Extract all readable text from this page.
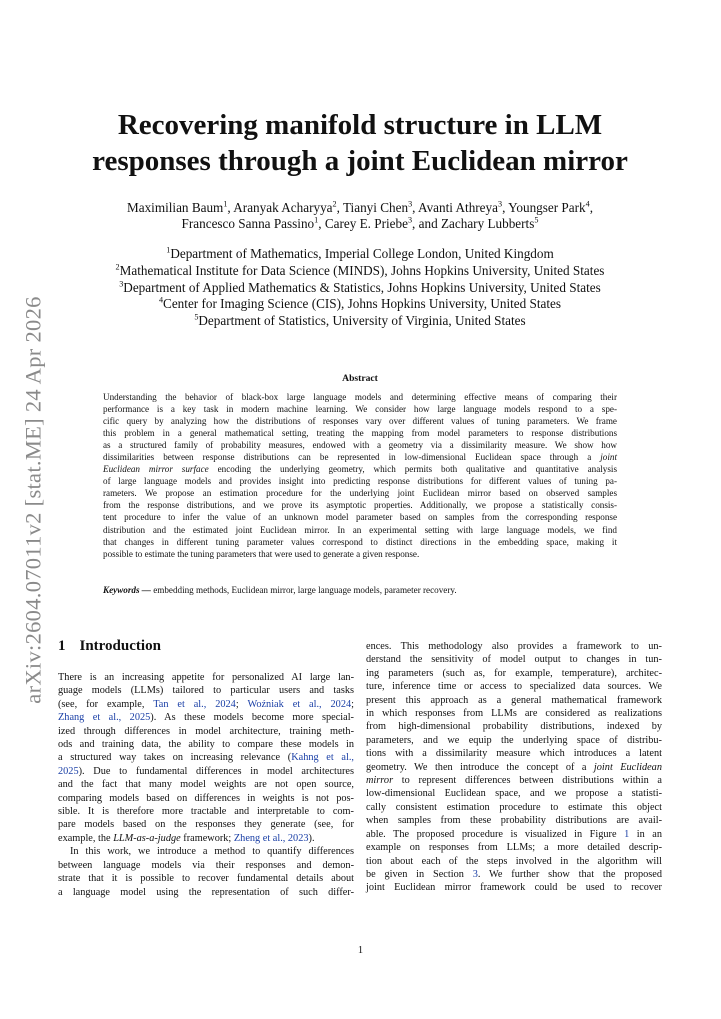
arXiv:2604.07011v2 [stat.ME] 24 Apr 2026
Recovering manifold structure in LLM
responses through a joint Euclidean mirror
Maximilian Baum$^1$, Aranyak Acharyya$^2$, Tianyi Chen$^3$, Avanti Athreya$^3$, Youngser Park$^4$,
Francesco Sanna Passino$^1$, Carey E. Priebe$^3$, and Zachary Lubberts$^5$
$^1$Department of Mathematics, Imperial College London, United Kingdom
$^2$Mathematical Institute for Data Science (MINDS), Johns Hopkins University, United States
$^3$Department of Applied Mathematics & Statistics, Johns Hopkins University, United States
$^4$Center for Imaging Science (CIS), Johns Hopkins University, United States
$^5$Department of Statistics, University of Virginia, United States
Abstract
Understanding the behavior of black-box large language models and determining effective means of comparing their
performance is a key task in modern machine learning. We consider how large language models respond to a spe-
cific query by analyzing how the distributions of responses vary over different values of tuning parameters. We frame
this problem in a general mathematical setting, treating the mapping from model parameters to response distributions
as a structured family of probability measures, endowed with a geometry via a dissimilarity measure. We show how
dissimilarities between response distributions can be represented in low-dimensional Euclidean space through a joint
Euclidean mirror surface encoding the underlying geometry, which permits both qualitative and quantitative analysis
of large language models and provides insight into predicting response distributions for different values of tuning pa-
rameters. We propose an estimation procedure for the underlying joint Euclidean mirror based on observed samples
from the response distributions, and we prove its asymptotic properties. Additionally, we propose a statistically consis-
tent procedure to infer the value of an unknown model parameter based on samples from the corresponding response
distribution and the estimated joint Euclidean mirror. In an experimental setting with large language models, we find
that changes in different tuning parameter values correspond to distinct directions in the embedding space, making it
possible to estimate the tuning parameters that were used to generate a given response.
Keywords — embedding methods, Euclidean mirror, large language models, parameter recovery.
1 Introduction
There is an increasing appetite for personalized AI large lan-
guage models (LLMs) tailored to particular users and tasks
(see, for example, Tan et al., 2024; Woźniak et al., 2024;
Zhang et al., 2025). As these models become more special-
ized through differences in model architecture, training meth-
ods and training data, the ability to compare these models in
a structured way takes on increasing relevance (Kahng et al.,
2025). Due to fundamental differences in model architectures
and the fact that many model weights are not open source,
comparing models based on differences in weights is not pos-
sible. It is therefore more tractable and interpretable to com-
pare models based on the responses they generate (see, for
example, the LLM-as-a-judge framework; Zheng et al., 2023).
In this work, we introduce a method to quantify differences
between language models via their responses and demon-
strate that it is possible to recover fundamental details about
a language model using the representation of such differ-
ences. This methodology also provides a framework to un-
derstand the sensitivity of model output to changes in tun-
ing parameters (such as, for example, temperature), architec-
ture, inference time or access to specialized data sources. We
present this approach as a general mathematical framework
in which responses from LLMs are considered as realizations
from high-dimensional probability distributions, indexed by
parameters, and we equip the underlying space of distribu-
tions with a dissimilarity measure which introduces a latent
geometry. We then introduce the concept of a joint Euclidean
mirror to represent differences between distributions within a
low-dimensional Euclidean space, and we propose a statisti-
cally consistent estimation procedure to estimate this object
when samples from these probability distributions are avail-
able. The proposed procedure is visualized in Figure 1 in an
example on responses from LLMs; a more detailed descrip-
tion about each of the steps involved in the algorithm will
be given in Section 3. We further show that the proposed
joint Euclidean mirror framework could be used to recover
1
